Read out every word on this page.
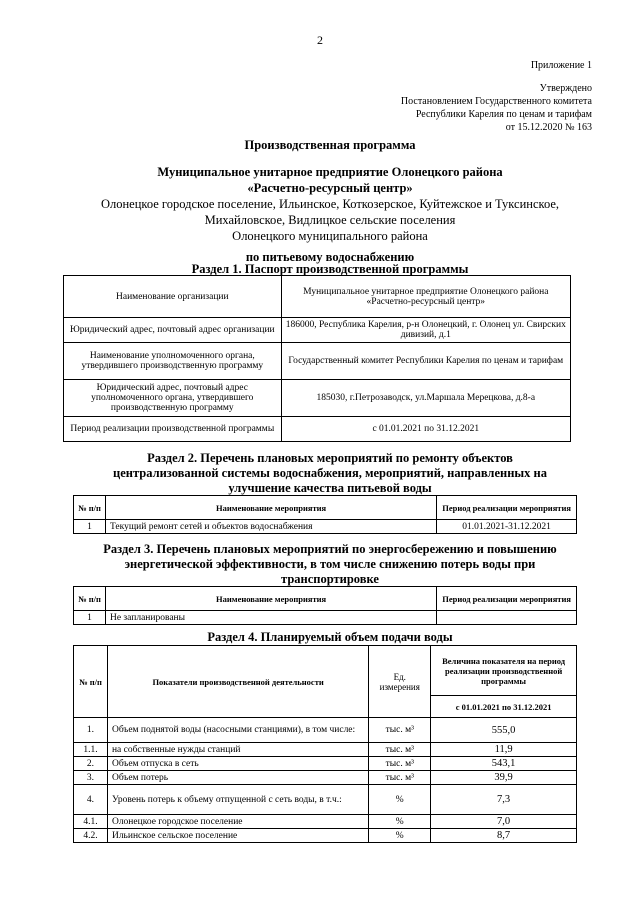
2
Приложение 1
Утверждено
Постановлением Государственного комитета
Республики Карелия по ценам и тарифам
от 15.12.2020 № 163
Производственная программа
Муниципальное унитарное предприятие Олонецкого района
«Расчетно-ресурсный центр»
Олонецкое городское поселение, Ильинское, Коткозерское, Куйтежское и Туксинское,
Михайловское, Видлицкое сельские поселения
Олонецкого муниципального района
по питьевому водоснабжению
Раздел 1. Паспорт производственной программы
Наименование организации	Муниципальное унитарное предприятие Олонецкого района «Расчетно-ресурсный центр»
Юридический адрес, почтовый адрес организации	186000, Республика Карелия, р-н Олонецкий, г. Олонец ул. Свирских дивизий, д.1
Наименование уполномоченного органа, утвердившего производственную программу	Государственный комитет Республики Карелия по ценам и тарифам
Юридический адрес, почтовый адрес уполномоченного органа, утвердившего производственную программу	185030, г.Петрозаводск, ул.Маршала Мерецкова, д.8-а
Период реализации производственной программы	с 01.01.2021 по 31.12.2021
Раздел 2. Перечень плановых мероприятий по ремонту объектов
централизованной системы водоснабжения, мероприятий, направленных на
улучшение качества питьевой воды
№ п/п	Наименование мероприятия	Период реализации мероприятия
1	Текущий ремонт сетей и объектов водоснабжения	01.01.2021-31.12.2021
Раздел 3. Перечень плановых мероприятий по энергосбережению и повышению
энергетической эффективности, в том числе снижению потерь воды при
транспортировке
№ п/п	Наименование мероприятия	Период реализации мероприятия
1	Не запланированы	
Раздел 4. Планируемый объем подачи воды
№ п/п	Показатели производственной деятельности	Ед. измерения	Величина показателя на период реализации производственной программы
			с 01.01.2021 по 31.12.2021
1.	Объем поднятой воды (насосными станциями), в том числе:	тыс. м³	555,0
1.1.	на собственные нужды станций	тыс. м³	11,9
2.	Объем отпуска в сеть	тыс. м³	543,1
3.	Объем потерь	тыс. м³	39,9
4.	Уровень потерь к объему отпущенной с сеть воды, в т.ч.:	%	7,3
4.1.	Олонецкое городское поселение	%	7,0
4.2.	Ильинское сельское поселение	%	8,7
